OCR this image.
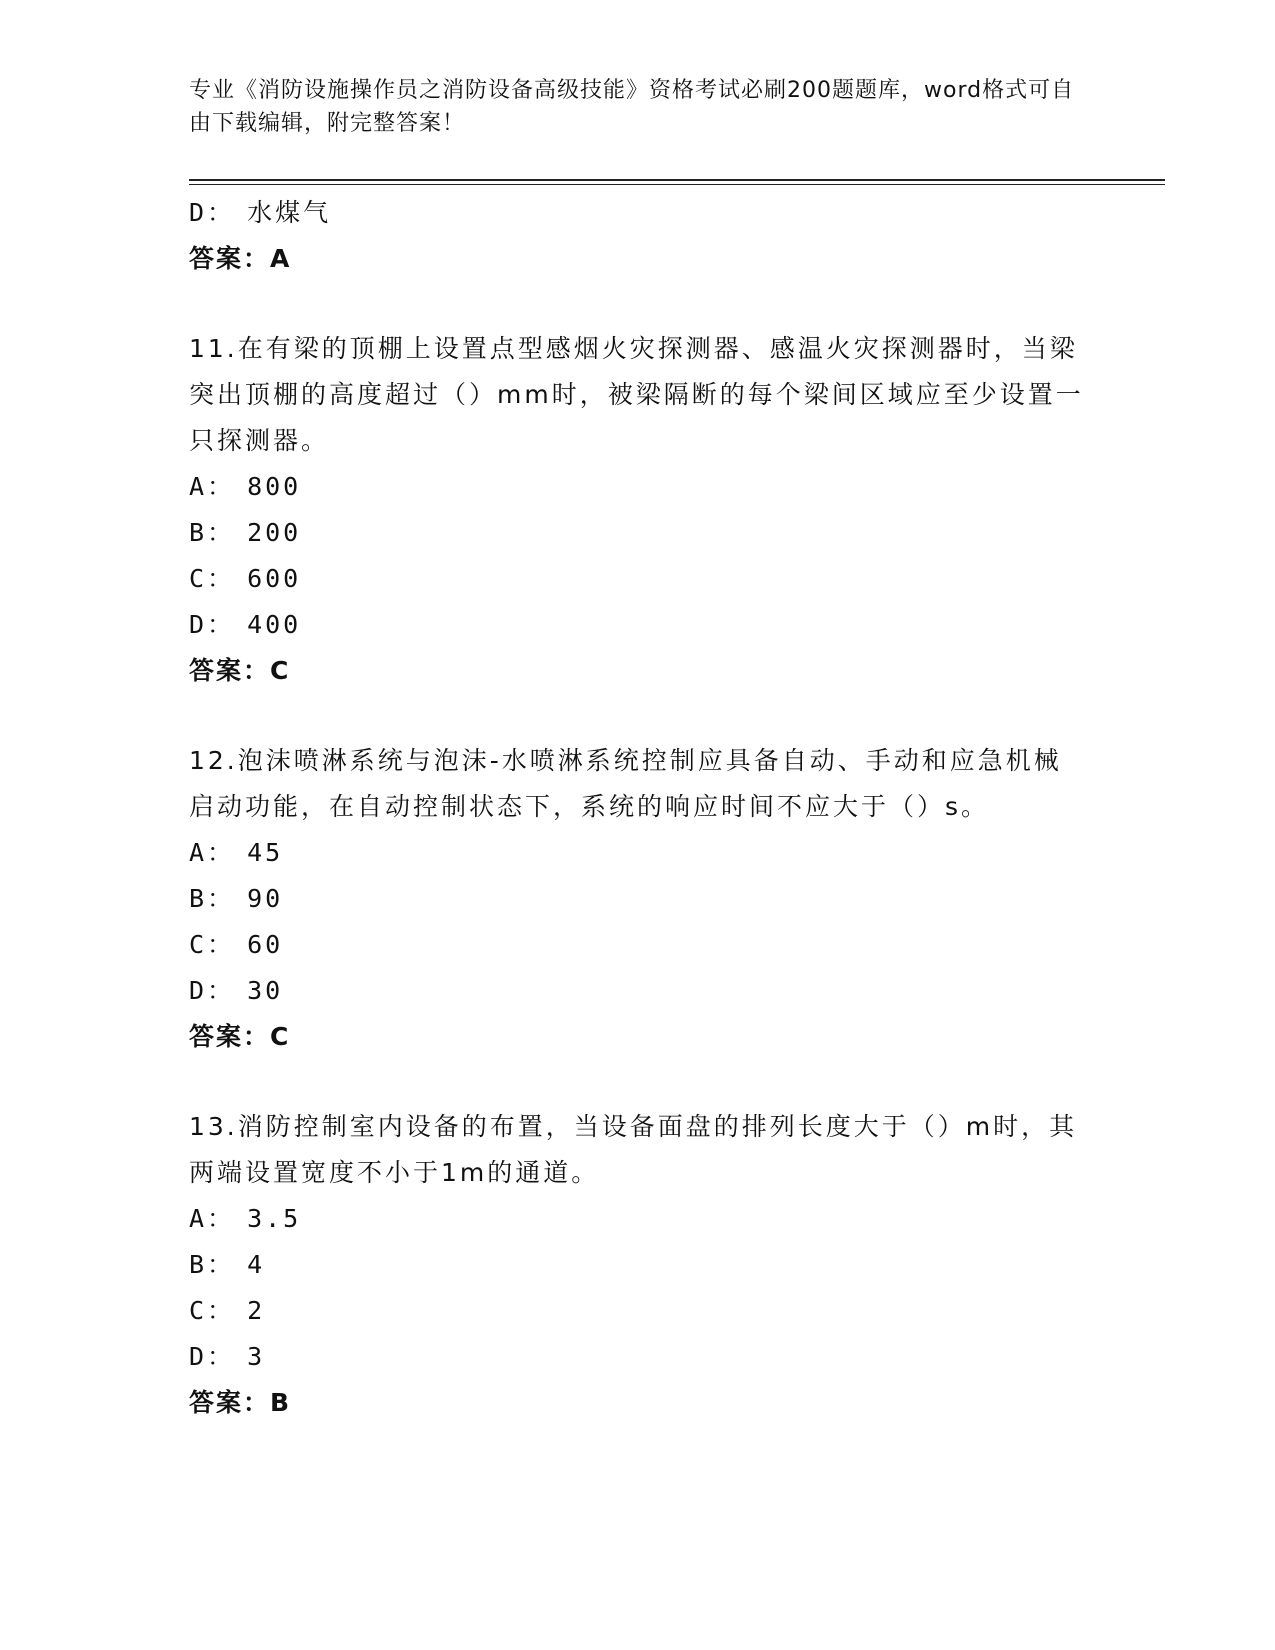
专业《消防设施操作员之消防设备高级技能》资格考试必刷200题题库，word格式可自由下载编辑，附完整答案！
D： 水煤气
答案：A
11.在有梁的顶棚上设置点型感烟火灾探测器、感温火灾探测器时，当梁突出顶棚的高度超过（）mm时，被梁隔断的每个梁间区域应至少设置一只探测器。
A： 800
B： 200
C： 600
D： 400
答案：C
12.泡沫喷淋系统与泡沫-水喷淋系统控制应具备自动、手动和应急机械启动功能，在自动控制状态下，系统的响应时间不应大于（）s。
A： 45
B： 90
C： 60
D： 30
答案：C
13.消防控制室内设备的布置，当设备面盘的排列长度大于（）m时，其两端设置宽度不小于1m的通道。
A： 3.5
B： 4
C： 2
D： 3
答案：B
